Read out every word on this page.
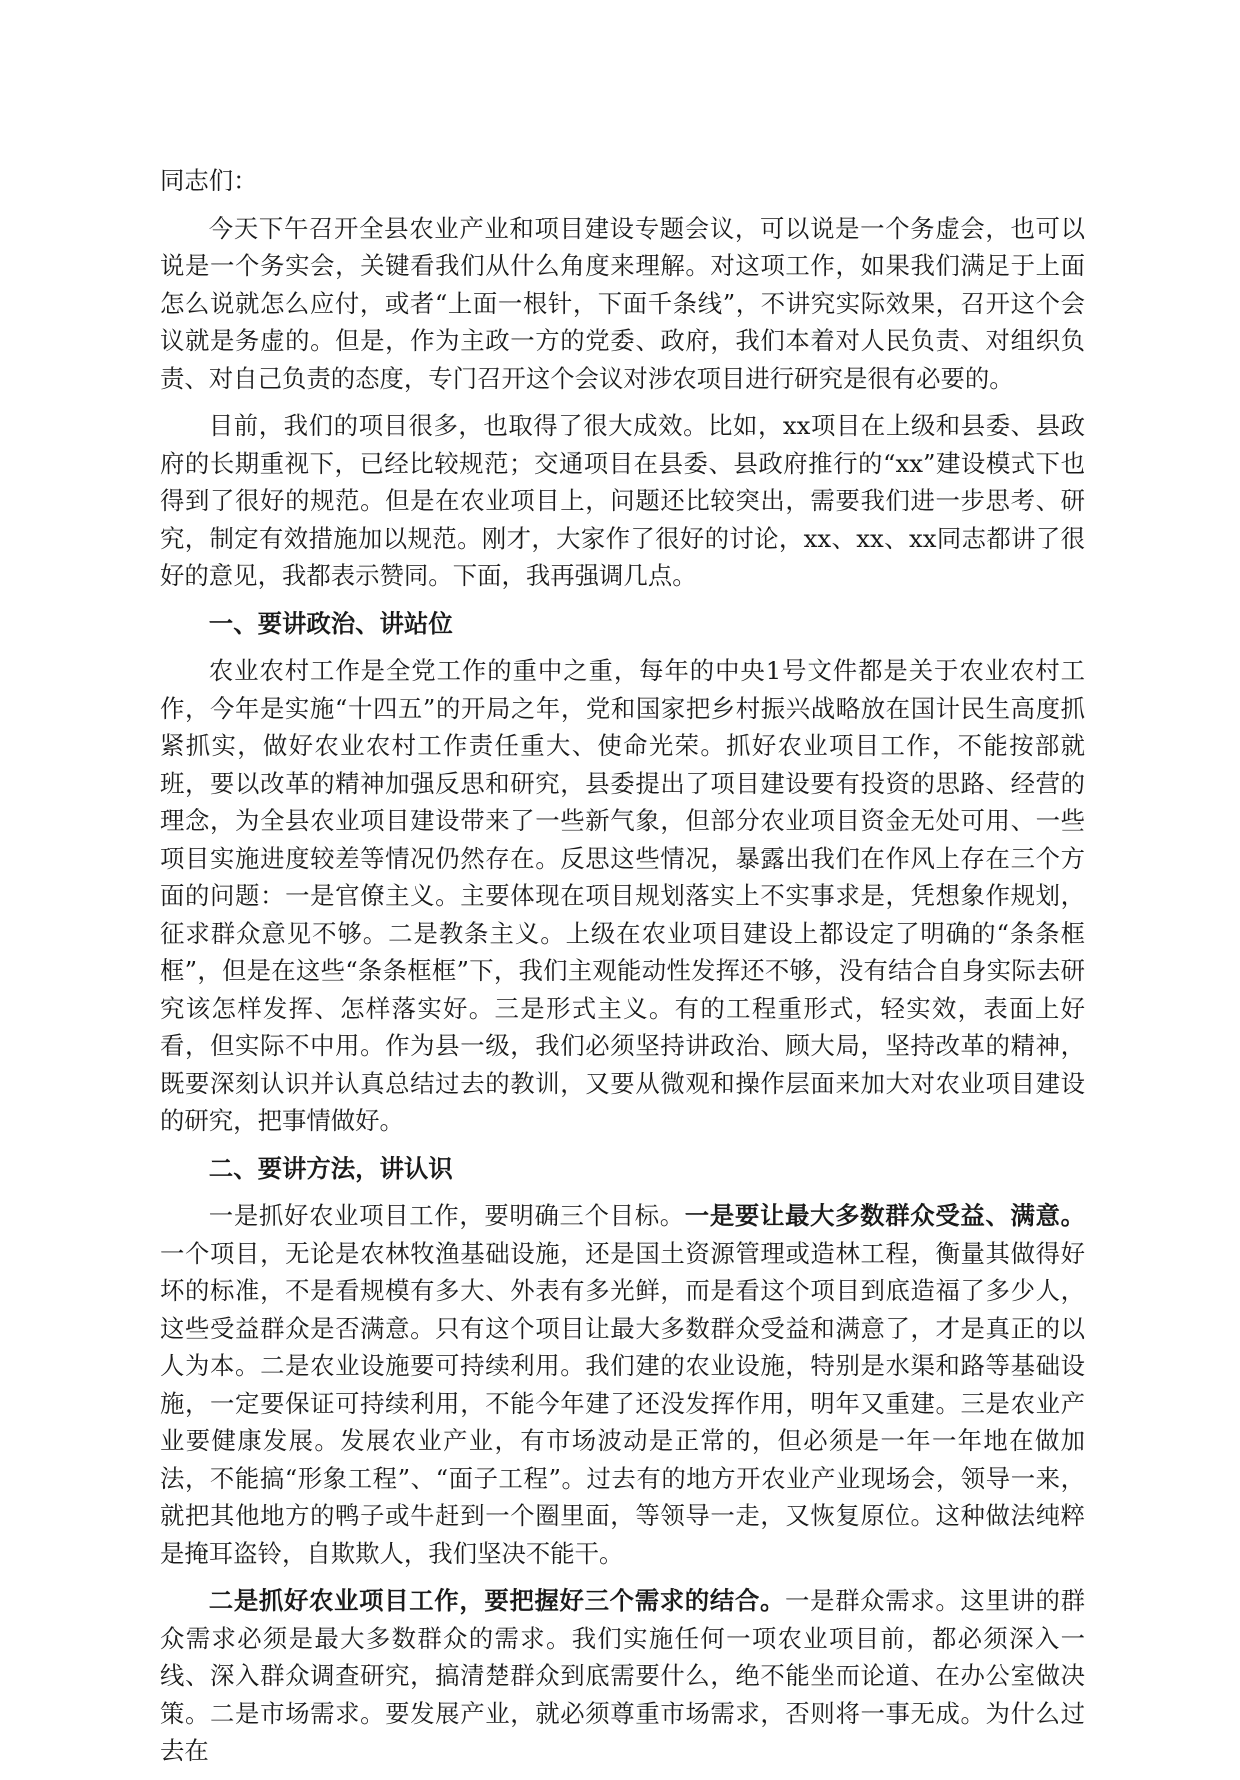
同志们：

今天下午召开全县农业产业和项目建设专题会议，可以说是一个务虚会，也可以说是一个务实会，关键看我们从什么角度来理解。对这项工作，如果我们满足于上面怎么说就怎么应付，或者“上面一根针，下面千条线”，不讲究实际效果，召开这个会议就是务虚的。但是，作为主政一方的党委、政府，我们本着对人民负责、对组织负责、对自己负责的态度，专门召开这个会议对涉农项目进行研究是很有必要的。

目前，我们的项目很多，也取得了很大成效。比如，xx项目在上级和县委、县政府的长期重视下，已经比较规范；交通项目在县委、县政府推行的“xx”建设模式下也得到了很好的规范。但是在农业项目上，问题还比较突出，需要我们进一步思考、研究，制定有效措施加以规范。刚才，大家作了很好的讨论，xx、xx、xx同志都讲了很好的意见，我都表示赞同。下面，我再强调几点。

一、要讲政治、讲站位

农业农村工作是全党工作的重中之重，每年的中央1号文件都是关于农业农村工作，今年是实施“十四五”的开局之年，党和国家把乡村振兴战略放在国计民生高度抓紧抓实，做好农业农村工作责任重大、使命光荣。抓好农业项目工作，不能按部就班，要以改革的精神加强反思和研究，县委提出了项目建设要有投资的思路、经营的理念，为全县农业项目建设带来了一些新气象，但部分农业项目资金无处可用、一些项目实施进度较差等情况仍然存在。反思这些情况，暴露出我们在作风上存在三个方面的问题：一是官僚主义。主要体现在项目规划落实上不实事求是，凭想象作规划，征求群众意见不够。二是教条主义。上级在农业项目建设上都设定了明确的“条条框框”，但是在这些“条条框框”下，我们主观能动性发挥还不够，没有结合自身实际去研究该怎样发挥、怎样落实好。三是形式主义。有的工程重形式，轻实效，表面上好看，但实际不中用。作为县一级，我们必须坚持讲政治、顾大局，坚持改革的精神，既要深刻认识并认真总结过去的教训，又要从微观和操作层面来加大对农业项目建设的研究，把事情做好。

二、要讲方法，讲认识

一是抓好农业项目工作，要明确三个目标。一是要让最大多数群众受益、满意。一个项目，无论是农林牧渔基础设施，还是国土资源管理或造林工程，衡量其做得好坏的标准，不是看规模有多大、外表有多光鲜，而是看这个项目到底造福了多少人，这些受益群众是否满意。只有这个项目让最大多数群众受益和满意了，才是真正的以人为本。二是农业设施要可持续利用。我们建的农业设施，特别是水渠和路等基础设施，一定要保证可持续利用，不能今年建了还没发挥作用，明年又重建。三是农业产业要健康发展。发展农业产业，有市场波动是正常的，但必须是一年一年地在做加法，不能搞“形象工程”、“面子工程”。过去有的地方开农业产业现场会，领导一来，就把其他地方的鸭子或牛赶到一个圈里面，等领导一走，又恢复原位。这种做法纯粹是掩耳盗铃，自欺欺人，我们坚决不能干。

二是抓好农业项目工作，要把握好三个需求的结合。一是群众需求。这里讲的群众需求必须是最大多数群众的需求。我们实施任何一项农业项目前，都必须深入一线、深入群众调查研究，搞清楚群众到底需要什么，绝不能坐而论道、在办公室做决策。二是市场需求。要发展产业，就必须尊重市场需求，否则将一事无成。为什么过去在
